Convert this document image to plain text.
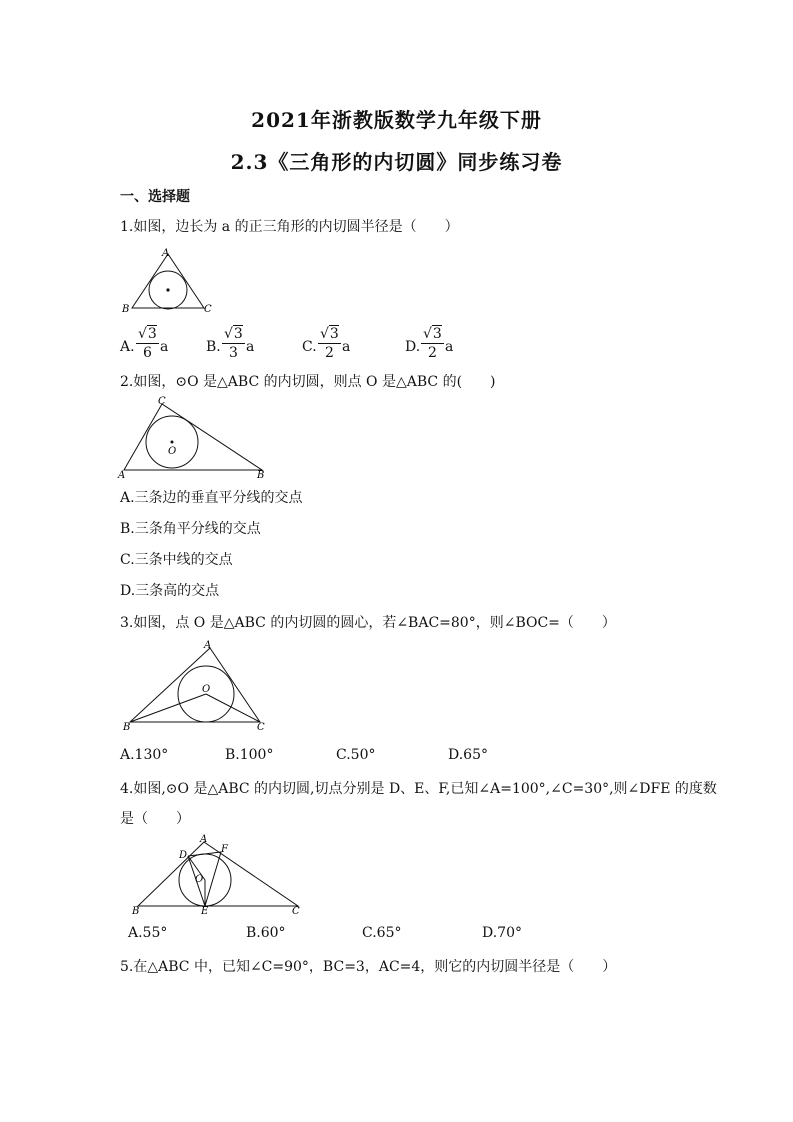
2021年浙教版数学九年级下册
2.3《三角形的内切圆》同步练习卷
一、选择题
1.如图，边长为 a 的正三角形的内切圆半径是（　　）
A
B	C
A. $\frac{√3}{6}$ a	B. $\frac{√3}{3}$ a	C. $\frac{√3}{2}$ a	D. $\frac{√3}{2}$ a
2.如图，⊙O 是△ABC 的内切圆，则点 O 是△ABC 的(　　)
C
O
A	B
A.三条边的垂直平分线的交点
B.三条角平分线的交点
C.三条中线的交点
D.三条高的交点
3.如图，点 O 是△ABC 的内切圆的圆心，若∠BAC=80°，则∠BOC=（　　）
A
O
B	C
A.130°	B.100°	C.50°	D.65°
4.如图,⊙O 是△ABC 的内切圆,切点分别是 D、E、F,已知∠A=100°,∠C=30°,则∠DFE 的度数
是（　　）
A
D
F
O
B	E	C
A.55°	B.60°	C.65°	D.70°
5.在△ABC 中，已知∠C=90°，BC=3，AC=4，则它的内切圆半径是（　　）
